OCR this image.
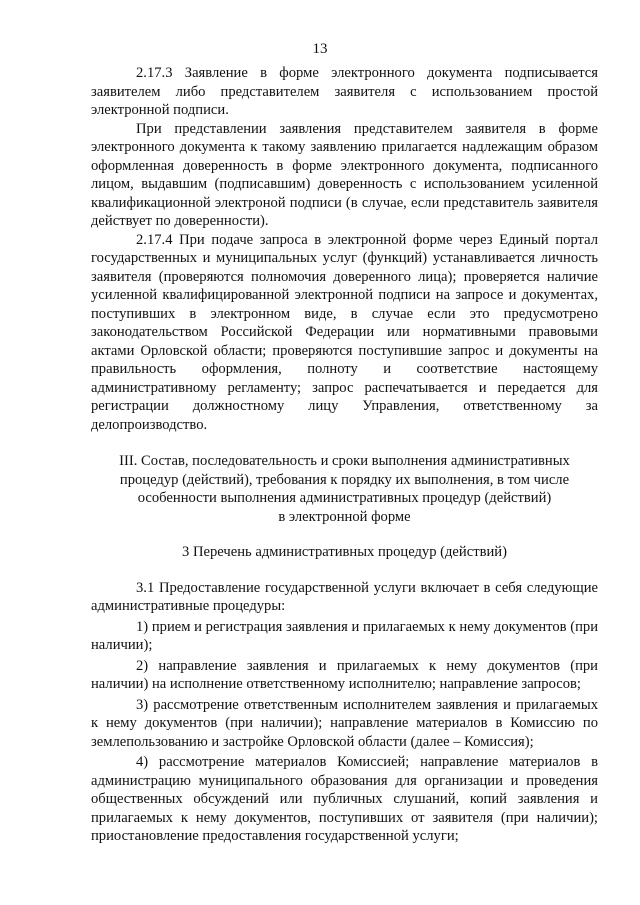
13

2.17.3 Заявление в форме электронного документа подписывается заявителем либо представителем заявителя с использованием простой электронной подписи.

При представлении заявления представителем заявителя в форме электронного документа к такому заявлению прилагается надлежащим образом оформленная доверенность в форме электронного документа, подписанного лицом, выдавшим (подписавшим) доверенность с использованием усиленной квалификационной электроной подписи (в случае, если представитель заявителя действует по доверенности).

2.17.4 При подаче запроса в электронной форме через Единый портал государственных и муниципальных услуг (функций) устанавливается личность заявителя (проверяются полномочия доверенного лица); проверяется наличие усиленной квалифицированной электронной подписи на запросе и документах, поступивших в электронном виде, в случае если это предусмотрено законодательством Российской Федерации или нормативными правовыми актами Орловской области; проверяются поступившие запрос и документы на правильность оформления, полноту и соответствие настоящему административному регламенту; запрос распечатывается и передается для регистрации должностному лицу Управления, ответственному за делопроизводство.

III. Состав, последовательность и сроки выполнения административных

процедур (действий), требования к порядку их выполнения, в том числе

особенности выполнения административных процедур (действий)

в электронной форме

3 Перечень административных процедур (действий)

3.1 Предоставление государственной услуги включает в себя следующие административные процедуры:

1) прием и регистрация заявления и прилагаемых к нему документов (при наличии);

2) направление заявления и прилагаемых к нему документов (при наличии) на исполнение ответственному исполнителю; направление запросов;

3) рассмотрение ответственным исполнителем заявления и прилагаемых к нему документов (при наличии); направление материалов в Комиссию по землепользованию и застройке Орловской области (далее – Комиссия);

4) рассмотрение материалов Комиссией; направление материалов в администрацию муниципального образования для организации и проведения общественных обсуждений или публичных слушаний, копий заявления и прилагаемых к нему документов, поступивших от заявителя (при наличии); приостановление предоставления государственной услуги;
